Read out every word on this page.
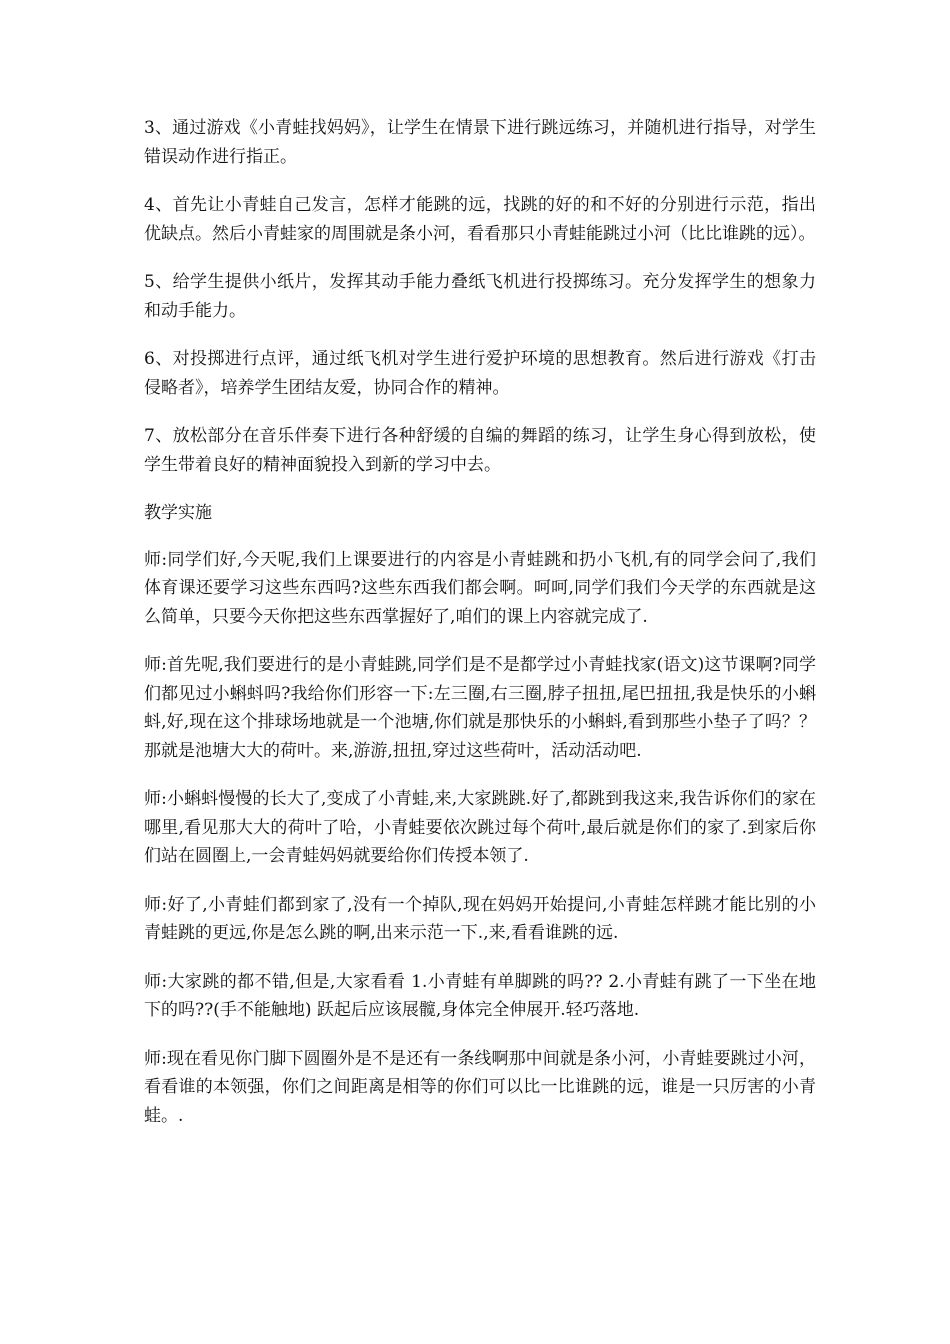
3、通过游戏《小青蛙找妈妈》，让学生在情景下进行跳远练习，并随机进行指导，对学生错误动作进行指正。

4、首先让小青蛙自己发言，怎样才能跳的远，找跳的好的和不好的分别进行示范，指出优缺点。然后小青蛙家的周围就是条小河，看看那只小青蛙能跳过小河（比比谁跳的远）。

5、给学生提供小纸片，发挥其动手能力叠纸飞机进行投掷练习。充分发挥学生的想象力和动手能力。

6、对投掷进行点评，通过纸飞机对学生进行爱护环境的思想教育。然后进行游戏《打击侵略者》，培养学生团结友爱，协同合作的精神。

7、放松部分在音乐伴奏下进行各种舒缓的自编的舞蹈的练习，让学生身心得到放松，使学生带着良好的精神面貌投入到新的学习中去。

教学实施

师:同学们好,今天呢,我们上课要进行的内容是小青蛙跳和扔小飞机,有的同学会问了,我们体育课还要学习这些东西吗?这些东西我们都会啊。呵呵,同学们我们今天学的东西就是这么简单，只要今天你把这些东西掌握好了,咱们的课上内容就完成了.

师:首先呢,我们要进行的是小青蛙跳,同学们是不是都学过小青蛙找家(语文)这节课啊?同学们都见过小蝌蚪吗?我给你们形容一下:左三圈,右三圈,脖子扭扭,尾巴扭扭,我是快乐的小蝌蚪,好,现在这个排球场地就是一个池塘,你们就是那快乐的小蝌蚪,看到那些小垫子了吗？？那就是池塘大大的荷叶。来,游游,扭扭,穿过这些荷叶，活动活动吧.

师:小蝌蚪慢慢的长大了,变成了小青蛙,来,大家跳跳.好了,都跳到我这来,我告诉你们的家在哪里,看见那大大的荷叶了哈，小青蛙要依次跳过每个荷叶,最后就是你们的家了.到家后你们站在圆圈上,一会青蛙妈妈就要给你们传授本领了.

师:好了,小青蛙们都到家了,没有一个掉队,现在妈妈开始提问,小青蛙怎样跳才能比别的小青蛙跳的更远,你是怎么跳的啊,出来示范一下.,来,看看谁跳的远.

师:大家跳的都不错,但是,大家看看 1.小青蛙有单脚跳的吗?? 2.小青蛙有跳了一下坐在地下的吗??(手不能触地) 跃起后应该展髋,身体完全伸展开.轻巧落地.

师:现在看见你门脚下圆圈外是不是还有一条线啊那中间就是条小河，小青蛙要跳过小河，看看谁的本领强，你们之间距离是相等的你们可以比一比谁跳的远，谁是一只厉害的小青蛙。.
